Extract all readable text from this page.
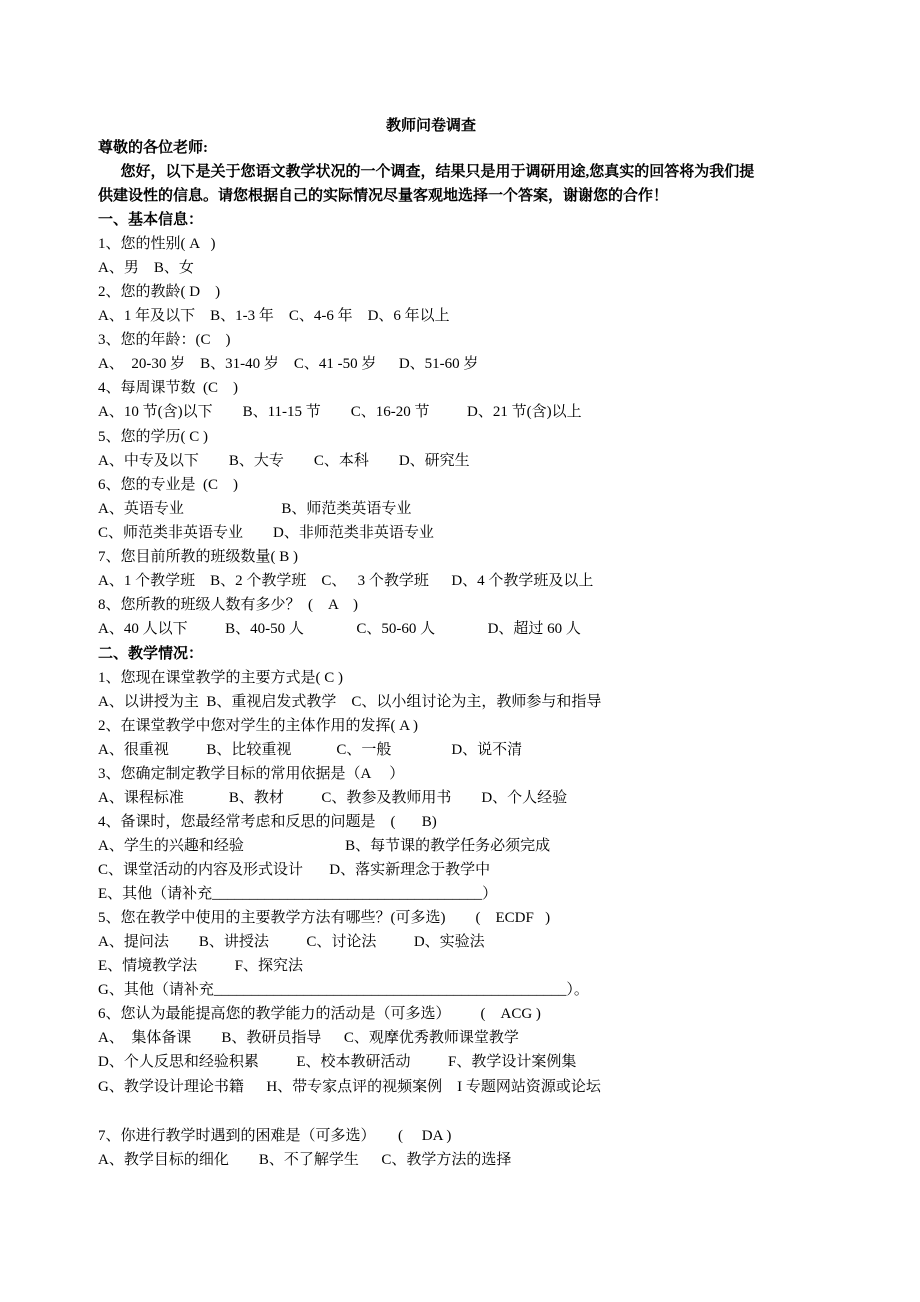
教师问卷调查
尊敬的各位老师:
您好，以下是关于您语文教学状况的一个调查，结果只是用于调研用途,您真实的回答将为我们提
供建设性的信息。请您根据自己的实际情况尽量客观地选择一个答案，谢谢您的合作！
一、基本信息：
1、您的性别( A   )
A、男    B、女
2、您的教龄( D    )
A、1 年及以下    B、1-3 年    C、4-6 年    D、6 年以上
3、您的年龄：(C    )
A、  20-30 岁    B、31-40 岁    C、41 -50 岁      D、51-60 岁
4、每周课节数  (C    )
A、10 节(含)以下        B、11-15 节        C、16-20 节          D、21 节(含)以上
5、您的学历( C )
A、中专及以下        B、大专        C、本科        D、研究生
6、您的专业是  (C    )
A、英语专业                          B、师范类英语专业
C、师范类非英语专业        D、非师范类非英语专业
7、您目前所教的班级数量( B )
A、1 个教学班    B、2 个教学班    C、   3 个教学班      D、4 个教学班及以上
8、您所教的班级人数有多少？  (    A    )
A、40 人以下          B、40-50 人              C、50-60 人              D、超过 60 人
二、教学情况：
1、您现在课堂教学的主要方式是( C )
A、以讲授为主  B、重视启发式教学    C、以小组讨论为主，教师参与和指导
2、在课堂教学中您对学生的主体作用的发挥( A )
A、很重视          B、比较重视            C、一般                D、说不清
3、您确定制定教学目标的常用依据是（A     ）
A、课程标准            B、教材          C、教参及教师用书        D、个人经验
4、备课时，您最经常考虑和反思的问题是    (       B)
A、学生的兴趣和经验                           B、每节课的教学任务必须完成
C、课堂活动的内容及形式设计       D、落实新理念于教学中
E、其他（请补充____________________________________）
5、您在教学中使用的主要教学方法有哪些？(可多选)        (    ECDF   )
A、提问法        B、讲授法          C、讨论法          D、实验法
E、情境教学法          F、探究法
G、其他（请补充_______________________________________________）。
6、您认为最能提高您的教学能力的活动是（可多选）        (    ACG )
A、  集体备课        B、教研员指导      C、观摩优秀教师课堂教学
D、个人反思和经验积累          E、校本教研活动          F、教学设计案例集
G、教学设计理论书籍      H、带专家点评的视频案例    I 专题网站资源或论坛
7、你进行教学时遇到的困难是（可多选）      (     DA )
A、教学目标的细化        B、不了解学生      C、教学方法的选择
